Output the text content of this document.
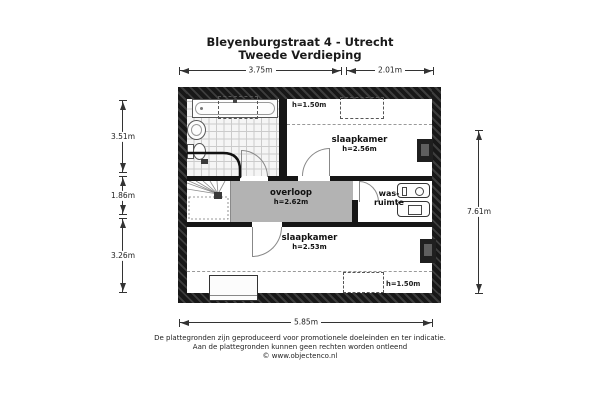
Bleyenburgstraat 4 - Utrecht
Tweede Verdieping
3.75m	2.01m
3.51m
1.86m
3.26m
7.61m
5.85m
h=1.50m
slaapkamer
h=2.56m
overloop
h=2.62m
was-
ruimte
slaapkamer
h=2.53m
h=1.50m
De plattegronden zijn geproduceerd voor promotionele doeleinden en ter indicatie.
Aan de plattegronden kunnen geen rechten worden ontleend
© www.objectenco.nl
